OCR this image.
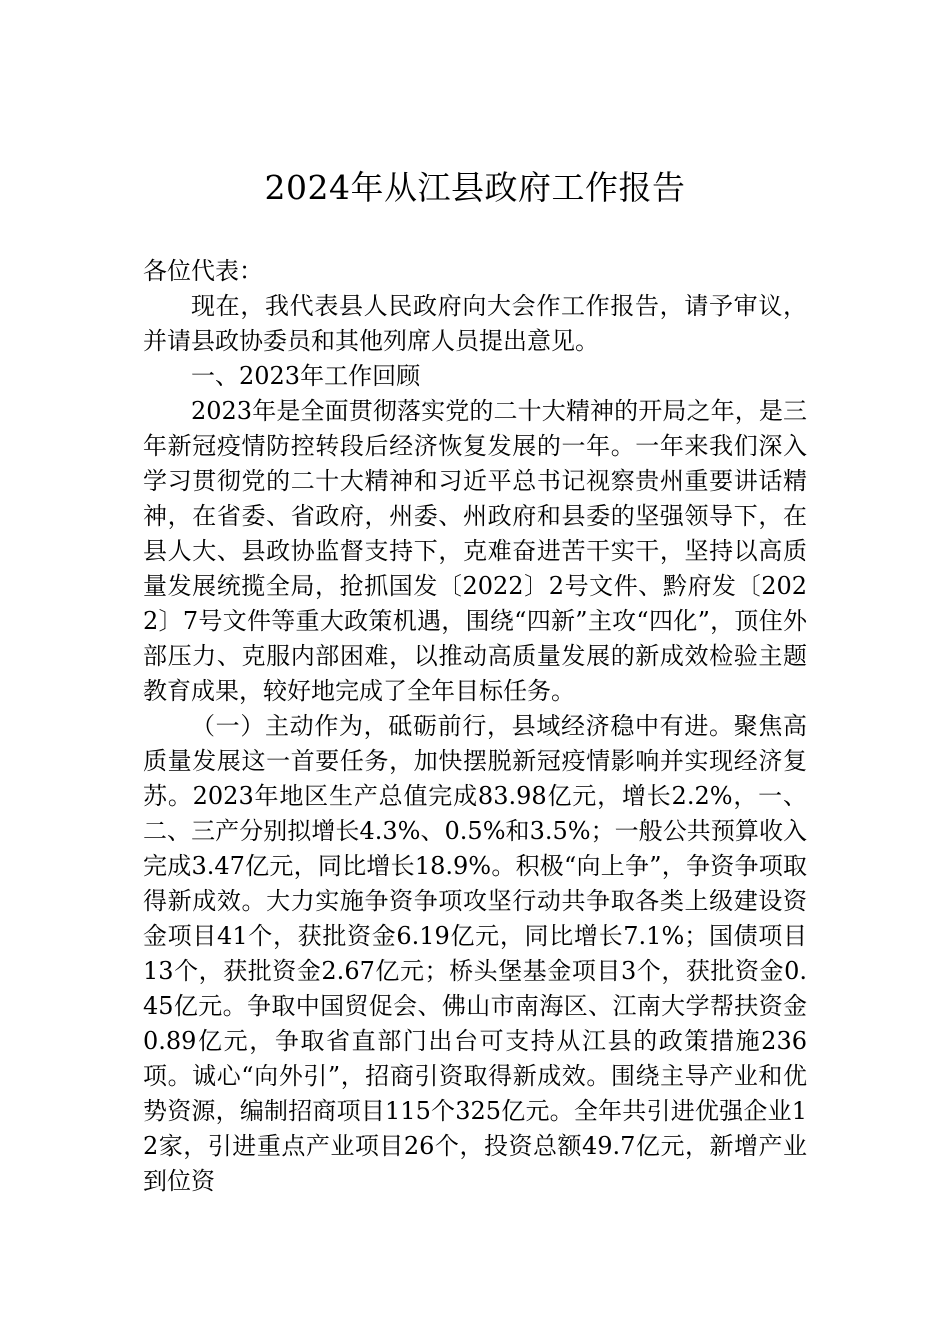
2024年从江县政府工作报告

各位代表：

现在，我代表县人民政府向大会作工作报告，请予审议，并请县政协委员和其他列席人员提出意见。

一、2023年工作回顾

2023年是全面贯彻落实党的二十大精神的开局之年，是三年新冠疫情防控转段后经济恢复发展的一年。一年来我们深入学习贯彻党的二十大精神和习近平总书记视察贵州重要讲话精神，在省委、省政府，州委、州政府和县委的坚强领导下，在县人大、县政协监督支持下，克难奋进苦干实干，坚持以高质量发展统揽全局，抢抓国发〔2022〕2号文件、黔府发〔2022〕7号文件等重大政策机遇，围绕“四新”主攻“四化”，顶住外部压力、克服内部困难，以推动高质量发展的新成效检验主题教育成果，较好地完成了全年目标任务。

（一）主动作为，砥砺前行，县域经济稳中有进。聚焦高质量发展这一首要任务，加快摆脱新冠疫情影响并实现经济复苏。2023年地区生产总值完成83.98亿元，增长2.2%，一、二、三产分别拟增长4.3%、0.5%和3.5%；一般公共预算收入完成3.47亿元，同比增长18.9%。积极“向上争”，争资争项取得新成效。大力实施争资争项攻坚行动共争取各类上级建设资金项目41个，获批资金6.19亿元，同比增长7.1%；国债项目13个，获批资金2.67亿元；桥头堡基金项目3个，获批资金0.45亿元。争取中国贸促会、佛山市南海区、江南大学帮扶资金0.89亿元，争取省直部门出台可支持从江县的政策措施236项。诚心“向外引”，招商引资取得新成效。围绕主导产业和优势资源，编制招商项目115个325亿元。全年共引进优强企业12家，引进重点产业项目26个，投资总额49.7亿元，新增产业到位资
